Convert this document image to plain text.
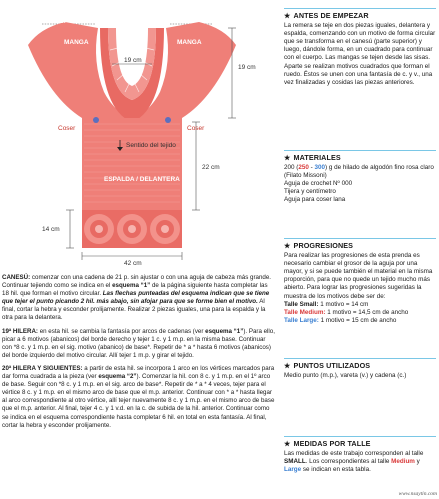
Coser	Coser
MANGA	MANGA
19 cm
19 cm
Coser	Coser
Sentido del tejido
ESPALDA / DELANTERA
22 cm
14 cm
42 cm

CANESÚ: comenzar con una cadena de 21 p. sin ajustar o con una aguja de cabeza más grande. Continuar tejiendo como se indica en el esquema “1” de la página siguiente hasta completar las 18 hil. que forman el motivo circular. Las flechas punteadas del esquema indican que se tiene que tejer el punto picando 2 hil. más abajo, sin afojar para que se forme bien el motivo. Al final, cortar la hebra y esconder prolijamente. Realizar 2 piezas iguales, una para la espalda y la otra para la delantera.

19ª HILERA: en esta hil. se cambia la fantasía por arcos de cadenas (ver esquema “1”). Para ello, picar a 6 motivos (abanicos) del borde derecho y tejer 1 c. y 1 m.p. en la misma base. Continuar con *8 c. y 1 m.p. en el sig. motivo (abanico) de base*. Repetir de * a * hasta 6 motivos (abanicos) del borde izquierdo del motivo circular. Allí tejer 1 m.p. y girar el tejido.

20ª HILERA Y SIGUIENTES: a partir de esta hil. se incorpora 1 arco en los vértices marcados para dar forma cuadrada a la pieza (ver esquema “2”). Comenzar la hil. con 8 c. y 1 m.p. en el 1º arco de base. Seguir con *8 c. y 1 m.p. en el sig. arco de base*. Repetir de * a * 4 veces, tejer para el vértice 8 c. y 1 m.p. en el mismo arco de base que el m.p. anterior. Continuar con * a * hasta llegar al arco correspondiente al otro vértice, allí tejer nuevamente 8 c. y 1 m.p. en el mismo arco de base que el m.p. anterior. Al final, tejer 4 c. y 1 v.d. en la c. de subida de la hil. anterior. Continuar como se indica en el esquema correspondiente hasta completar 6 hil. en total en esta fantasía. Al final, cortar la hebra y esconder prolijamente.

★ ANTES DE EMPEZAR

La remera se teje en dos piezas iguales, delantera y espalda, comenzando con un motivo de forma circular que se transforma en el canesú (parte superior) y luego, dándole forma, en un cuadrado para continuar con el cuerpo. Las mangas se tejen desde las sisas. Aparte se realizan motivos cuadrados que forman el ruedo. Éstos se unen con una fantasía de c. y v., una vez finalizadas y cosidas las piezas anteriores.

★ MATERIALES

200 (250 - 300) g de hilado de algodón fino rosa claro (Filato Missoni)

Aguja de crochet Nº 000

Tijera y centímetro

Aguja para coser lana

★ PROGRESIONES

Para realizar las progresiones de esta prenda es necesario cambiar el grosor de la aguja por una mayor, y si se puede también el material en la misma proporción, para que no quede un tejido mucho más abierto. Para lograr las progresiones sugeridas la muestra de los motivos debe ser de:

Talle Small: 1 motivo = 14 cm

Talle Medium: 1 motivo = 14,5 cm de ancho

Talle Large: 1 motivo = 15 cm de ancho

★ PUNTOS UTILIZADOS

Medio punto (m.p.), vareta (v.) y cadena (c.)

★ MEDIDAS POR TALLE

Las medidas de este trabajo corresponden al talle SMALL. Los correspondientes al talle Medium y Large se indican en esta tabla.

www.nsaytin.com
